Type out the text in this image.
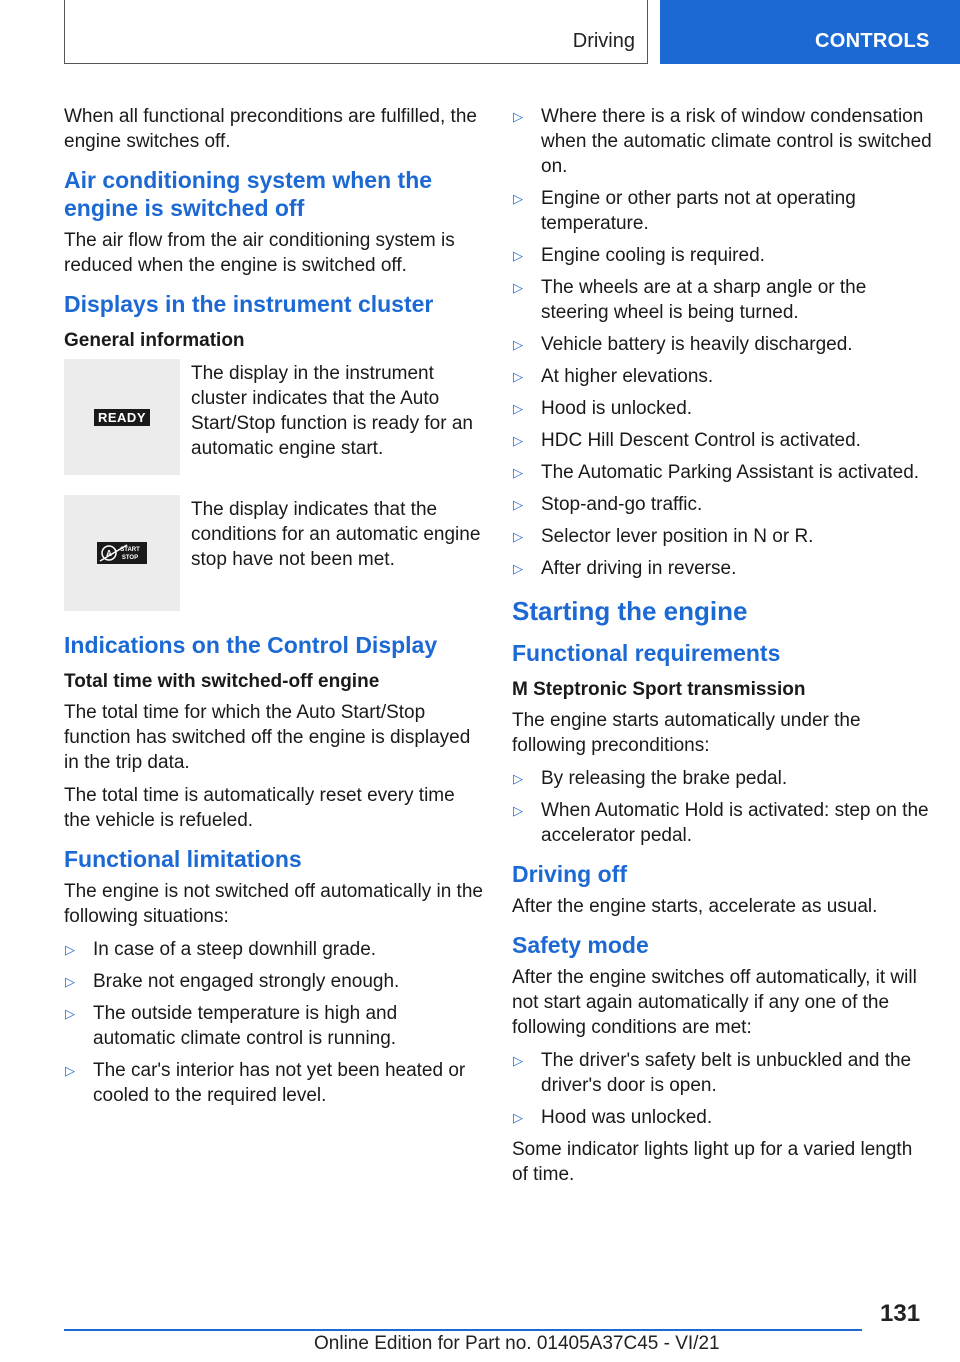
Driving	CONTROLS

When all functional preconditions are fulfilled, the engine switches off.

Air conditioning system when the engine is switched off

The air flow from the air conditioning system is reduced when the engine is switched off.

Displays in the instrument cluster
General information
READY
The display in the instrument cluster indicates that the Auto Start/Stop function is ready for an automatic engine start.
A START
STOP
The display indicates that the conditions for an automatic engine stop have not been met.
Indications on the Control Display
Total time with switched-off engine

The total time for which the Auto Start/Stop function has switched off the engine is displayed in the trip data.

The total time is automatically reset every time the vehicle is refueled.

Functional limitations

The engine is not switched off automatically in the following situations:

▷ In case of a steep downhill grade.
▷ Brake not engaged strongly enough.
▷ The outside temperature is high and automatic climate control is running.
▷ The car's interior has not yet been heated or cooled to the required level.
▷ Where there is a risk of window condensation when the automatic climate control is switched on.
▷ Engine or other parts not at operating temperature.
▷ Engine cooling is required.
▷ The wheels are at a sharp angle or the steering wheel is being turned.
▷ Vehicle battery is heavily discharged.
▷ At higher elevations.
▷ Hood is unlocked.
▷ HDC Hill Descent Control is activated.
▷ The Automatic Parking Assistant is activated.
▷ Stop-and-go traffic.
▷ Selector lever position in N or R.
▷ After driving in reverse.
Starting the engine
Functional requirements
M Steptronic Sport transmission

The engine starts automatically under the following preconditions:

▷ By releasing the brake pedal.
▷ When Automatic Hold is activated: step on the accelerator pedal.
Driving off

After the engine starts, accelerate as usual.

Safety mode

After the engine switches off automatically, it will not start again automatically if any one of the following conditions are met:

▷ The driver's safety belt is unbuckled and the driver's door is open.
▷ Hood was unlocked.

Some indicator lights light up for a varied length of time.

131
Online Edition for Part no. 01405A37C45 - VI/21
